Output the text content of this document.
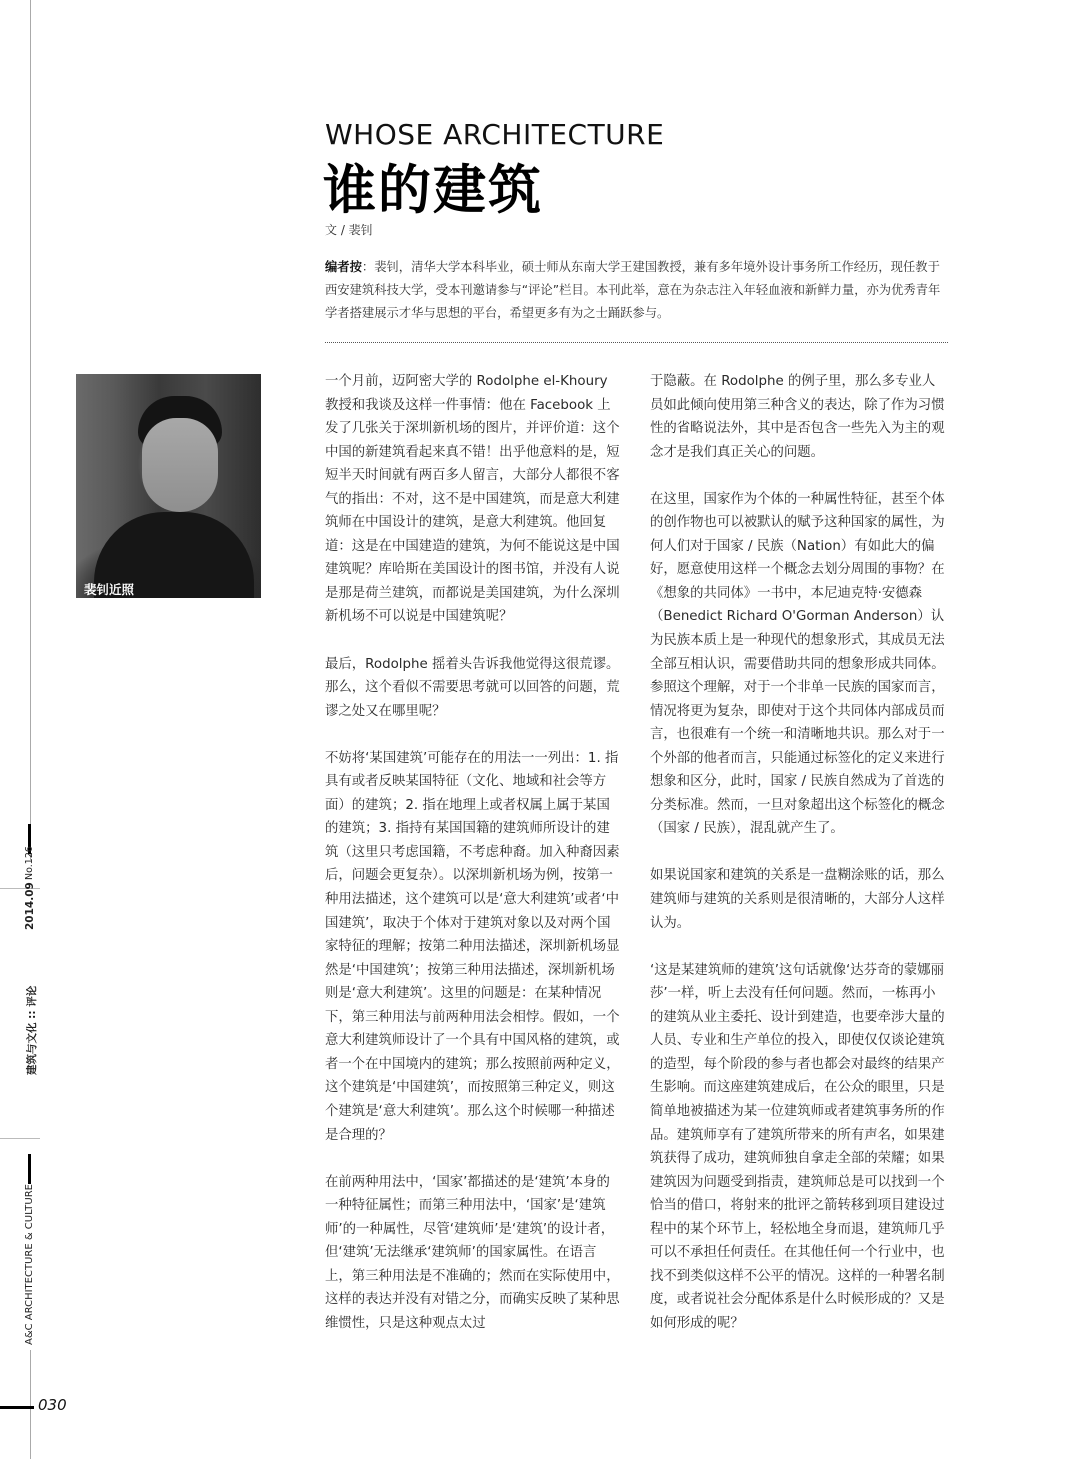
WHOSE ARCHITECTURE
谁的建筑
文 / 裴钊
编者按：裴钊，清华大学本科毕业，硕士师从东南大学王建国教授，兼有多年境外设计事务所工作经历，现任教于西安建筑科技大学，受本刊邀请参与“评论”栏目。本刊此举，意在为杂志注入年轻血液和新鲜力量，亦为优秀青年学者搭建展示才华与思想的平台，希望更多有为之士踊跃参与。
裴钊近照

一个月前，迈阿密大学的 Rodolphe el-Khoury 教授和我谈及这样一件事情：他在 Facebook 上发了几张关于深圳新机场的图片，并评价道：这个中国的新建筑看起来真不错！出乎他意料的是，短短半天时间就有两百多人留言，大部分人都很不客气的指出：不对，这不是中国建筑，而是意大利建筑师在中国设计的建筑，是意大利建筑。他回复道：这是在中国建造的建筑，为何不能说这是中国建筑呢？库哈斯在美国设计的图书馆，并没有人说是那是荷兰建筑，而都说是美国建筑，为什么深圳新机场不可以说是中国建筑呢？

最后，Rodolphe 摇着头告诉我他觉得这很荒谬。那么，这个看似不需要思考就可以回答的问题，荒谬之处又在哪里呢？

不妨将‘某国建筑’可能存在的用法一一列出：1. 指具有或者反映某国特征（文化、地域和社会等方面）的建筑；2. 指在地理上或者权属上属于某国的建筑；3. 指持有某国国籍的建筑师所设计的建筑（这里只考虑国籍，不考虑种裔。加入种裔因素后，问题会更复杂）。以深圳新机场为例，按第一种用法描述，这个建筑可以是‘意大利建筑’或者‘中国建筑’，取决于个体对于建筑对象以及对两个国家特征的理解；按第二种用法描述，深圳新机场显然是‘中国建筑’；按第三种用法描述，深圳新机场则是‘意大利建筑’。这里的问题是：在某种情况下，第三种用法与前两种用法会相悖。假如，一个意大利建筑师设计了一个具有中国风格的建筑，或者一个在中国境内的建筑；那么按照前两种定义，这个建筑是‘中国建筑’，而按照第三种定义，则这个建筑是‘意大利建筑’。那么这个时候哪一种描述是合理的？

在前两种用法中，‘国家’都描述的是‘建筑’本身的一种特征属性；而第三种用法中，‘国家’是‘建筑师’的一种属性，尽管‘建筑师’是‘建筑’的设计者，但‘建筑’无法继承‘建筑师’的国家属性。在语言上，第三种用法是不准确的；然而在实际使用中，这样的表达并没有对错之分，而确实反映了某种思维惯性，只是这种观点太过

于隐蔽。在 Rodolphe 的例子里，那么多专业人员如此倾向使用第三种含义的表达，除了作为习惯性的省略说法外，其中是否包含一些先入为主的观念才是我们真正关心的问题。

在这里，国家作为个体的一种属性特征，甚至个体的创作物也可以被默认的赋予这种国家的属性，为何人们对于国家 / 民族（Nation）有如此大的偏好，愿意使用这样一个概念去划分周围的事物？在《想象的共同体》一书中，本尼迪克特·安德森（Benedict Richard O'Gorman Anderson）认为民族本质上是一种现代的想象形式，其成员无法全部互相认识，需要借助共同的想象形成共同体。参照这个理解，对于一个非单一民族的国家而言，情况将更为复杂，即使对于这个共同体内部成员而言，也很难有一个统一和清晰地共识。那么对于一个外部的他者而言，只能通过标签化的定义来进行想象和区分，此时，国家 / 民族自然成为了首选的分类标准。然而，一旦对象超出这个标签化的概念（国家 / 民族），混乱就产生了。

如果说国家和建筑的关系是一盘糊涂账的话，那么建筑师与建筑的关系则是很清晰的，大部分人这样认为。

‘这是某建筑师的建筑’这句话就像‘达芬奇的蒙娜丽莎’一样，听上去没有任何问题。然而，一栋再小的建筑从业主委托、设计到建造，也要牵涉大量的人员、专业和生产单位的投入，即使仅仅谈论建筑的造型，每个阶段的参与者也都会对最终的结果产生影响。而这座建筑建成后，在公众的眼里，只是简单地被描述为某一位建筑师或者建筑事务所的作品。建筑师享有了建筑所带来的所有声名，如果建筑获得了成功，建筑师独自拿走全部的荣耀；如果建筑因为问题受到指责，建筑师总是可以找到一个恰当的借口，将射来的批评之箭转移到项目建设过程中的某个环节上，轻松地全身而退，建筑师几乎可以不承担任何责任。在其他任何一个行业中，也找不到类似这样不公平的情况。这样的一种署名制度，或者说社会分配体系是什么时候形成的？又是如何形成的呢？

2014.09
No.126
建筑与文化 :: 评论
A&C ARCHITECTURE & CULTURE
030
